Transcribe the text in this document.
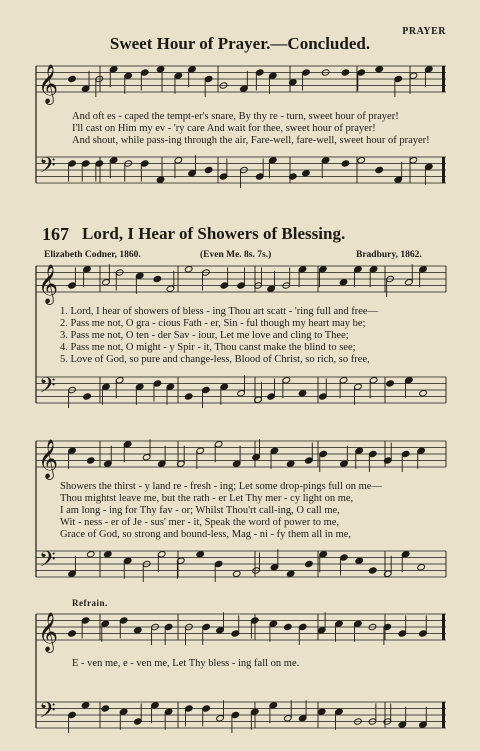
𝄞
𝄢
𝄞
𝄢
𝄞
𝄢
𝄞
𝄢
PRAYER
Sweet Hour of Prayer.—Concluded.
And oft es - caped the tempt-er's snare, By thy re - turn, sweet hour of prayer!
I'll cast on Him my ev - 'ry care And wait for thee, sweet hour of prayer!
And shout, while pass-ing through the air, Fare-well, fare-well, sweet hour of prayer!
167 Lord, I Hear of Showers of Blessing.
Elizabeth Codner, 1860.	(Even Me. 8s. 7s.)	Bradbury, 1862.
1. Lord, I hear of showers of bless - ing Thou art scatt - 'ring full and free—
2. Pass me not, O gra - cious Fath - er, Sin - ful though my heart may be;
3. Pass me not, O ten - der Sav - iour, Let me love and cling to Thee;
4. Pass me not, O might - y Spir - it, Thou canst make the blind to see;
5. Love of God, so pure and change-less, Blood of Christ, so rich, so free,
Showers the thirst - y land re - fresh - ing; Let some drop-pings full on me—
Thou mightst leave me, but the rath - er Let Thy mer - cy light on me,
I am long - ing for Thy fav - or; Whilst Thou'rt call-ing, O call me,
Wit - ness - er of Je - sus' mer - it, Speak the word of power to me,
Grace of God, so strong and bound-less, Mag - ni - fy them all in me,
Refrain.
E - ven me, e - ven me, Let Thy bless - ing fall on me.
